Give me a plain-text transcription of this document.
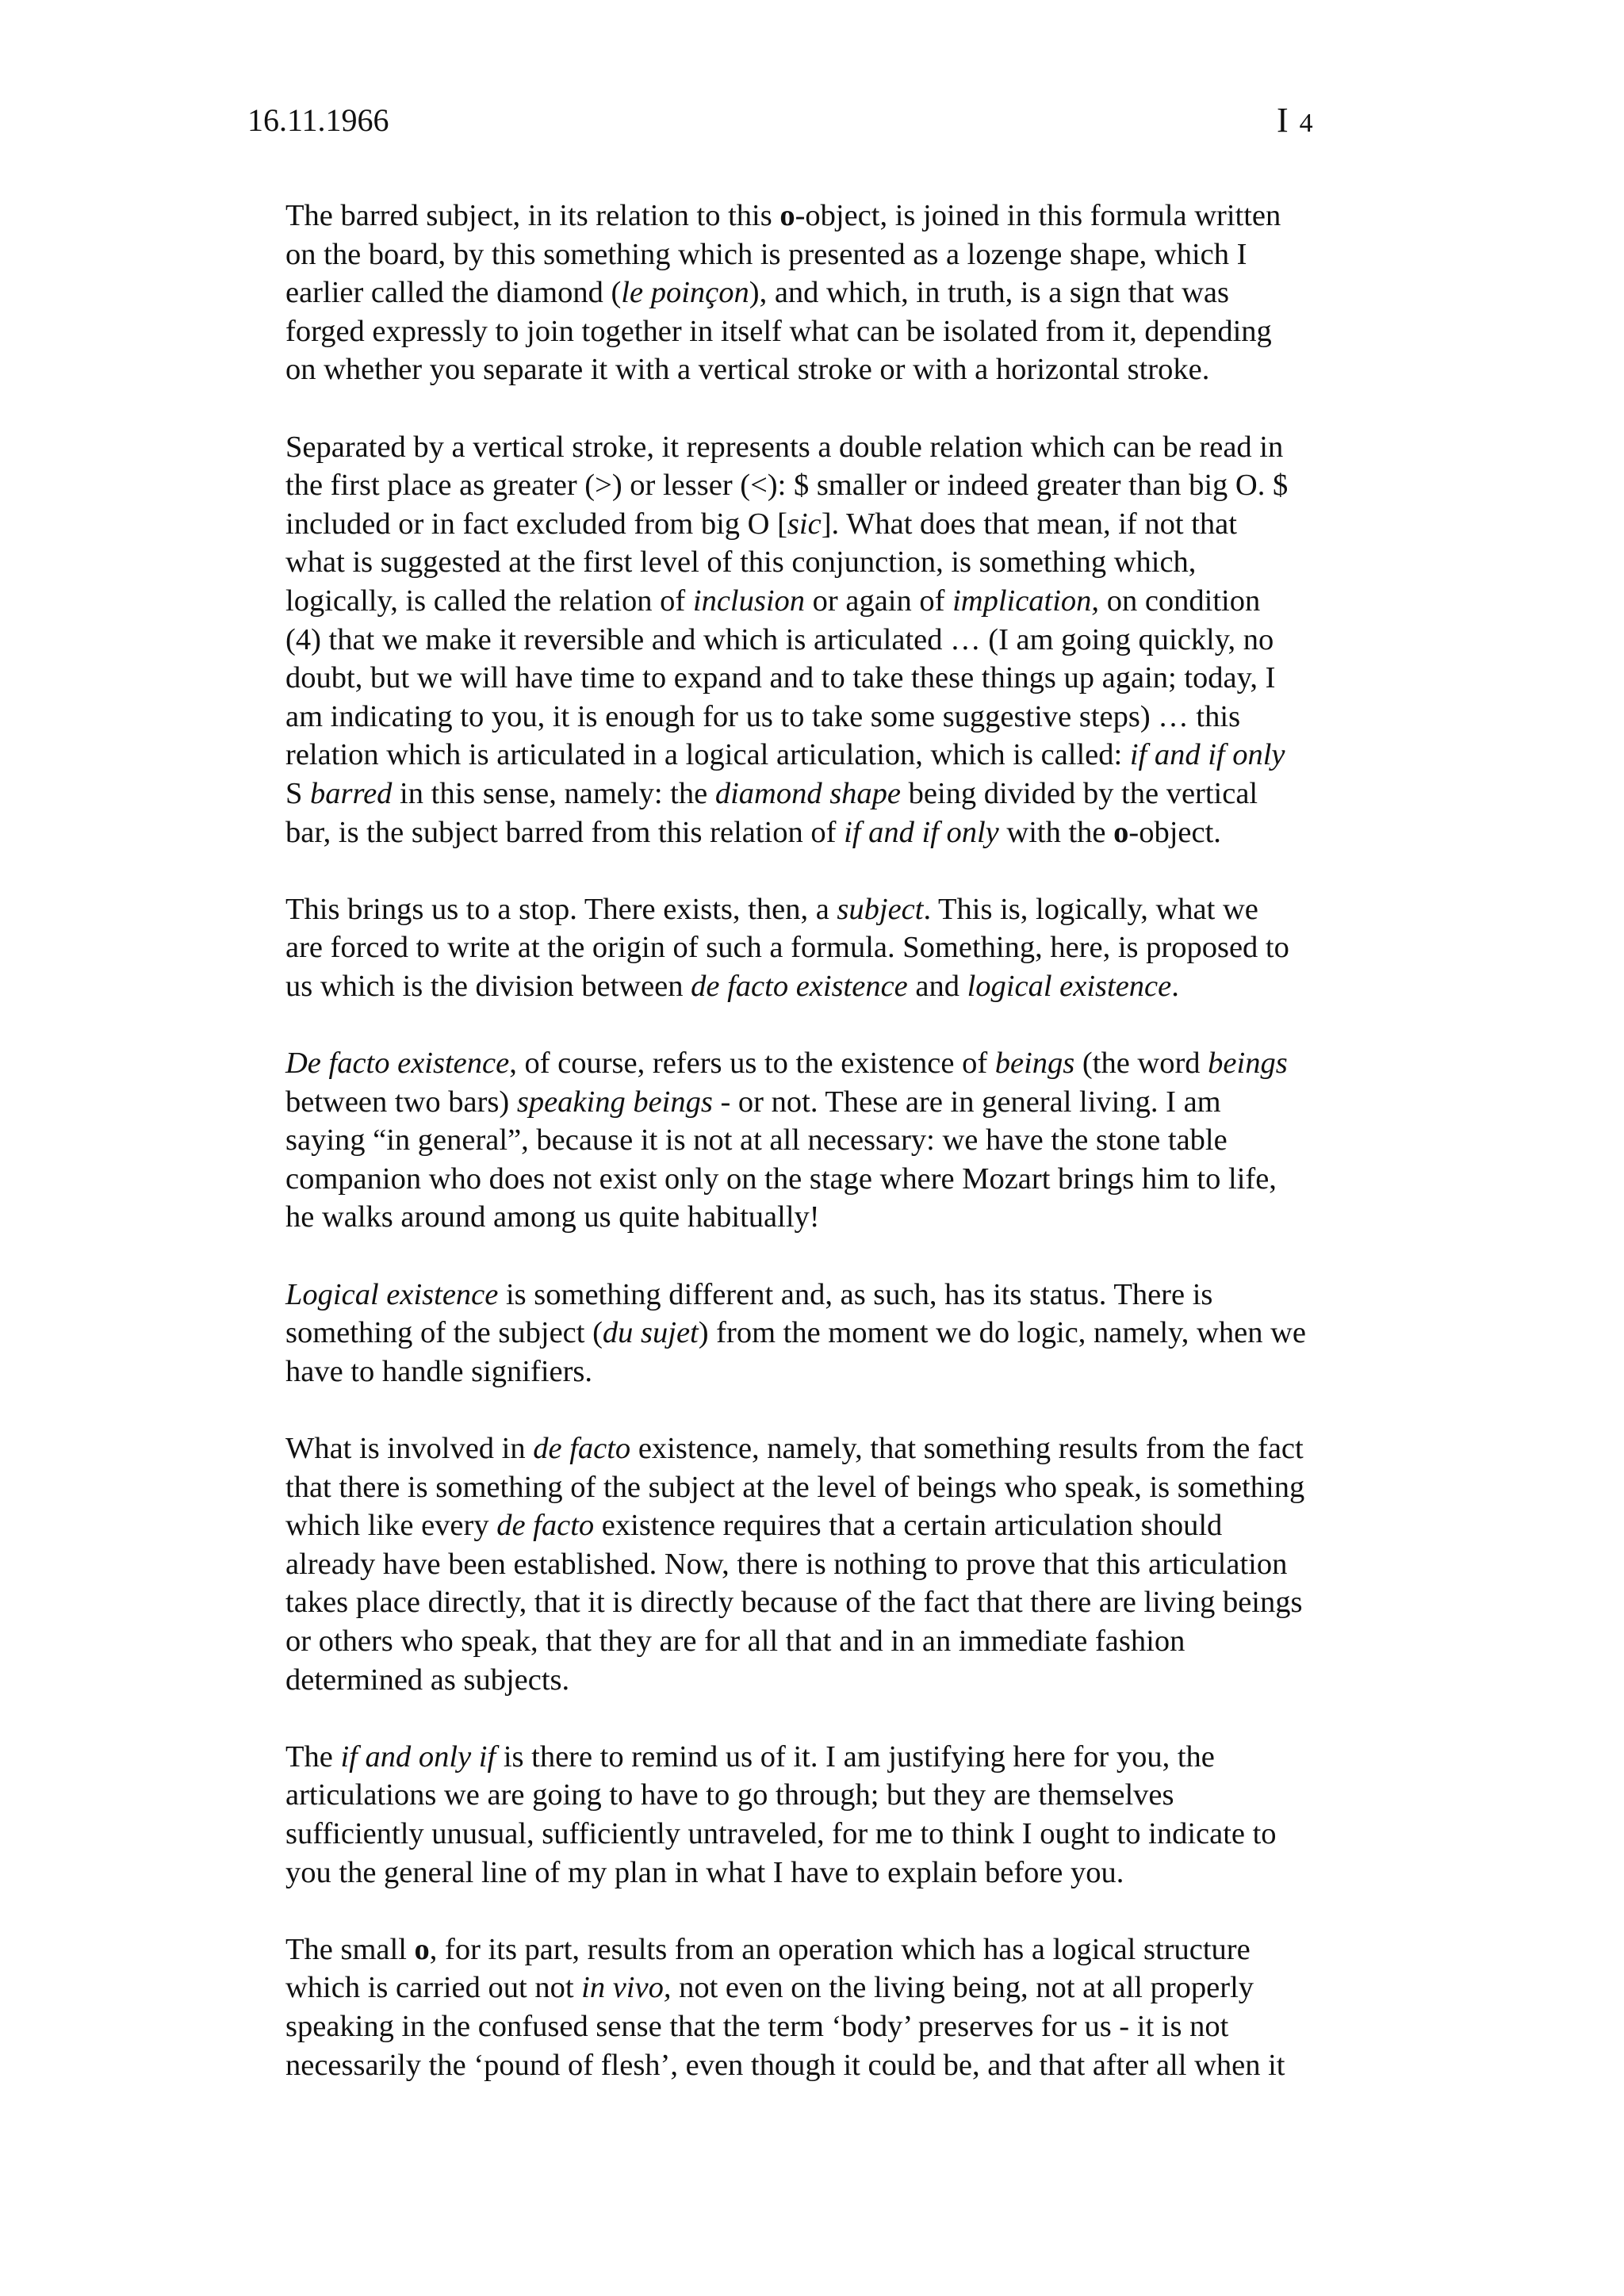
16.11.1966	I 4
The barred subject, in its relation to this o-object, is joined in this formula written
on the board, by this something which is presented as a lozenge shape, which I
earlier called the diamond (le poinçon), and which, in truth, is a sign that was
forged expressly to join together in itself what can be isolated from it, depending
on whether you separate it with a vertical stroke or with a horizontal stroke.
Separated by a vertical stroke, it represents a double relation which can be read in
the first place as greater (>) or lesser (<): $ smaller or indeed greater than big O. $
included or in fact excluded from big O [sic]. What does that mean, if not that
what is suggested at the first level of this conjunction, is something which,
logically, is called the relation of inclusion or again of implication, on condition
(4) that we make it reversible and which is articulated … (I am going quickly, no
doubt, but we will have time to expand and to take these things up again; today, I
am indicating to you, it is enough for us to take some suggestive steps) … this
relation which is articulated in a logical articulation, which is called: if and if only
S barred in this sense, namely: the diamond shape being divided by the vertical
bar, is the subject barred from this relation of if and if only with the o-object.
This brings us to a stop. There exists, then, a subject. This is, logically, what we
are forced to write at the origin of such a formula. Something, here, is proposed to
us which is the division between de facto existence and logical existence.
De facto existence, of course, refers us to the existence of beings (the word beings
between two bars) speaking beings - or not. These are in general living. I am
saying “in general”, because it is not at all necessary: we have the stone table
companion who does not exist only on the stage where Mozart brings him to life,
he walks around among us quite habitually!
Logical existence is something different and, as such, has its status. There is
something of the subject (du sujet) from the moment we do logic, namely, when we
have to handle signifiers.
What is involved in de facto existence, namely, that something results from the fact
that there is something of the subject at the level of beings who speak, is something
which like every de facto existence requires that a certain articulation should
already have been established. Now, there is nothing to prove that this articulation
takes place directly, that it is directly because of the fact that there are living beings
or others who speak, that they are for all that and in an immediate fashion
determined as subjects.
The if and only if is there to remind us of it. I am justifying here for you, the
articulations we are going to have to go through; but they are themselves
sufficiently unusual, sufficiently untraveled, for me to think I ought to indicate to
you the general line of my plan in what I have to explain before you.
The small o, for its part, results from an operation which has a logical structure
which is carried out not in vivo, not even on the living being, not at all properly
speaking in the confused sense that the term ‘body’ preserves for us - it is not
necessarily the ‘pound of flesh’, even though it could be, and that after all when it
